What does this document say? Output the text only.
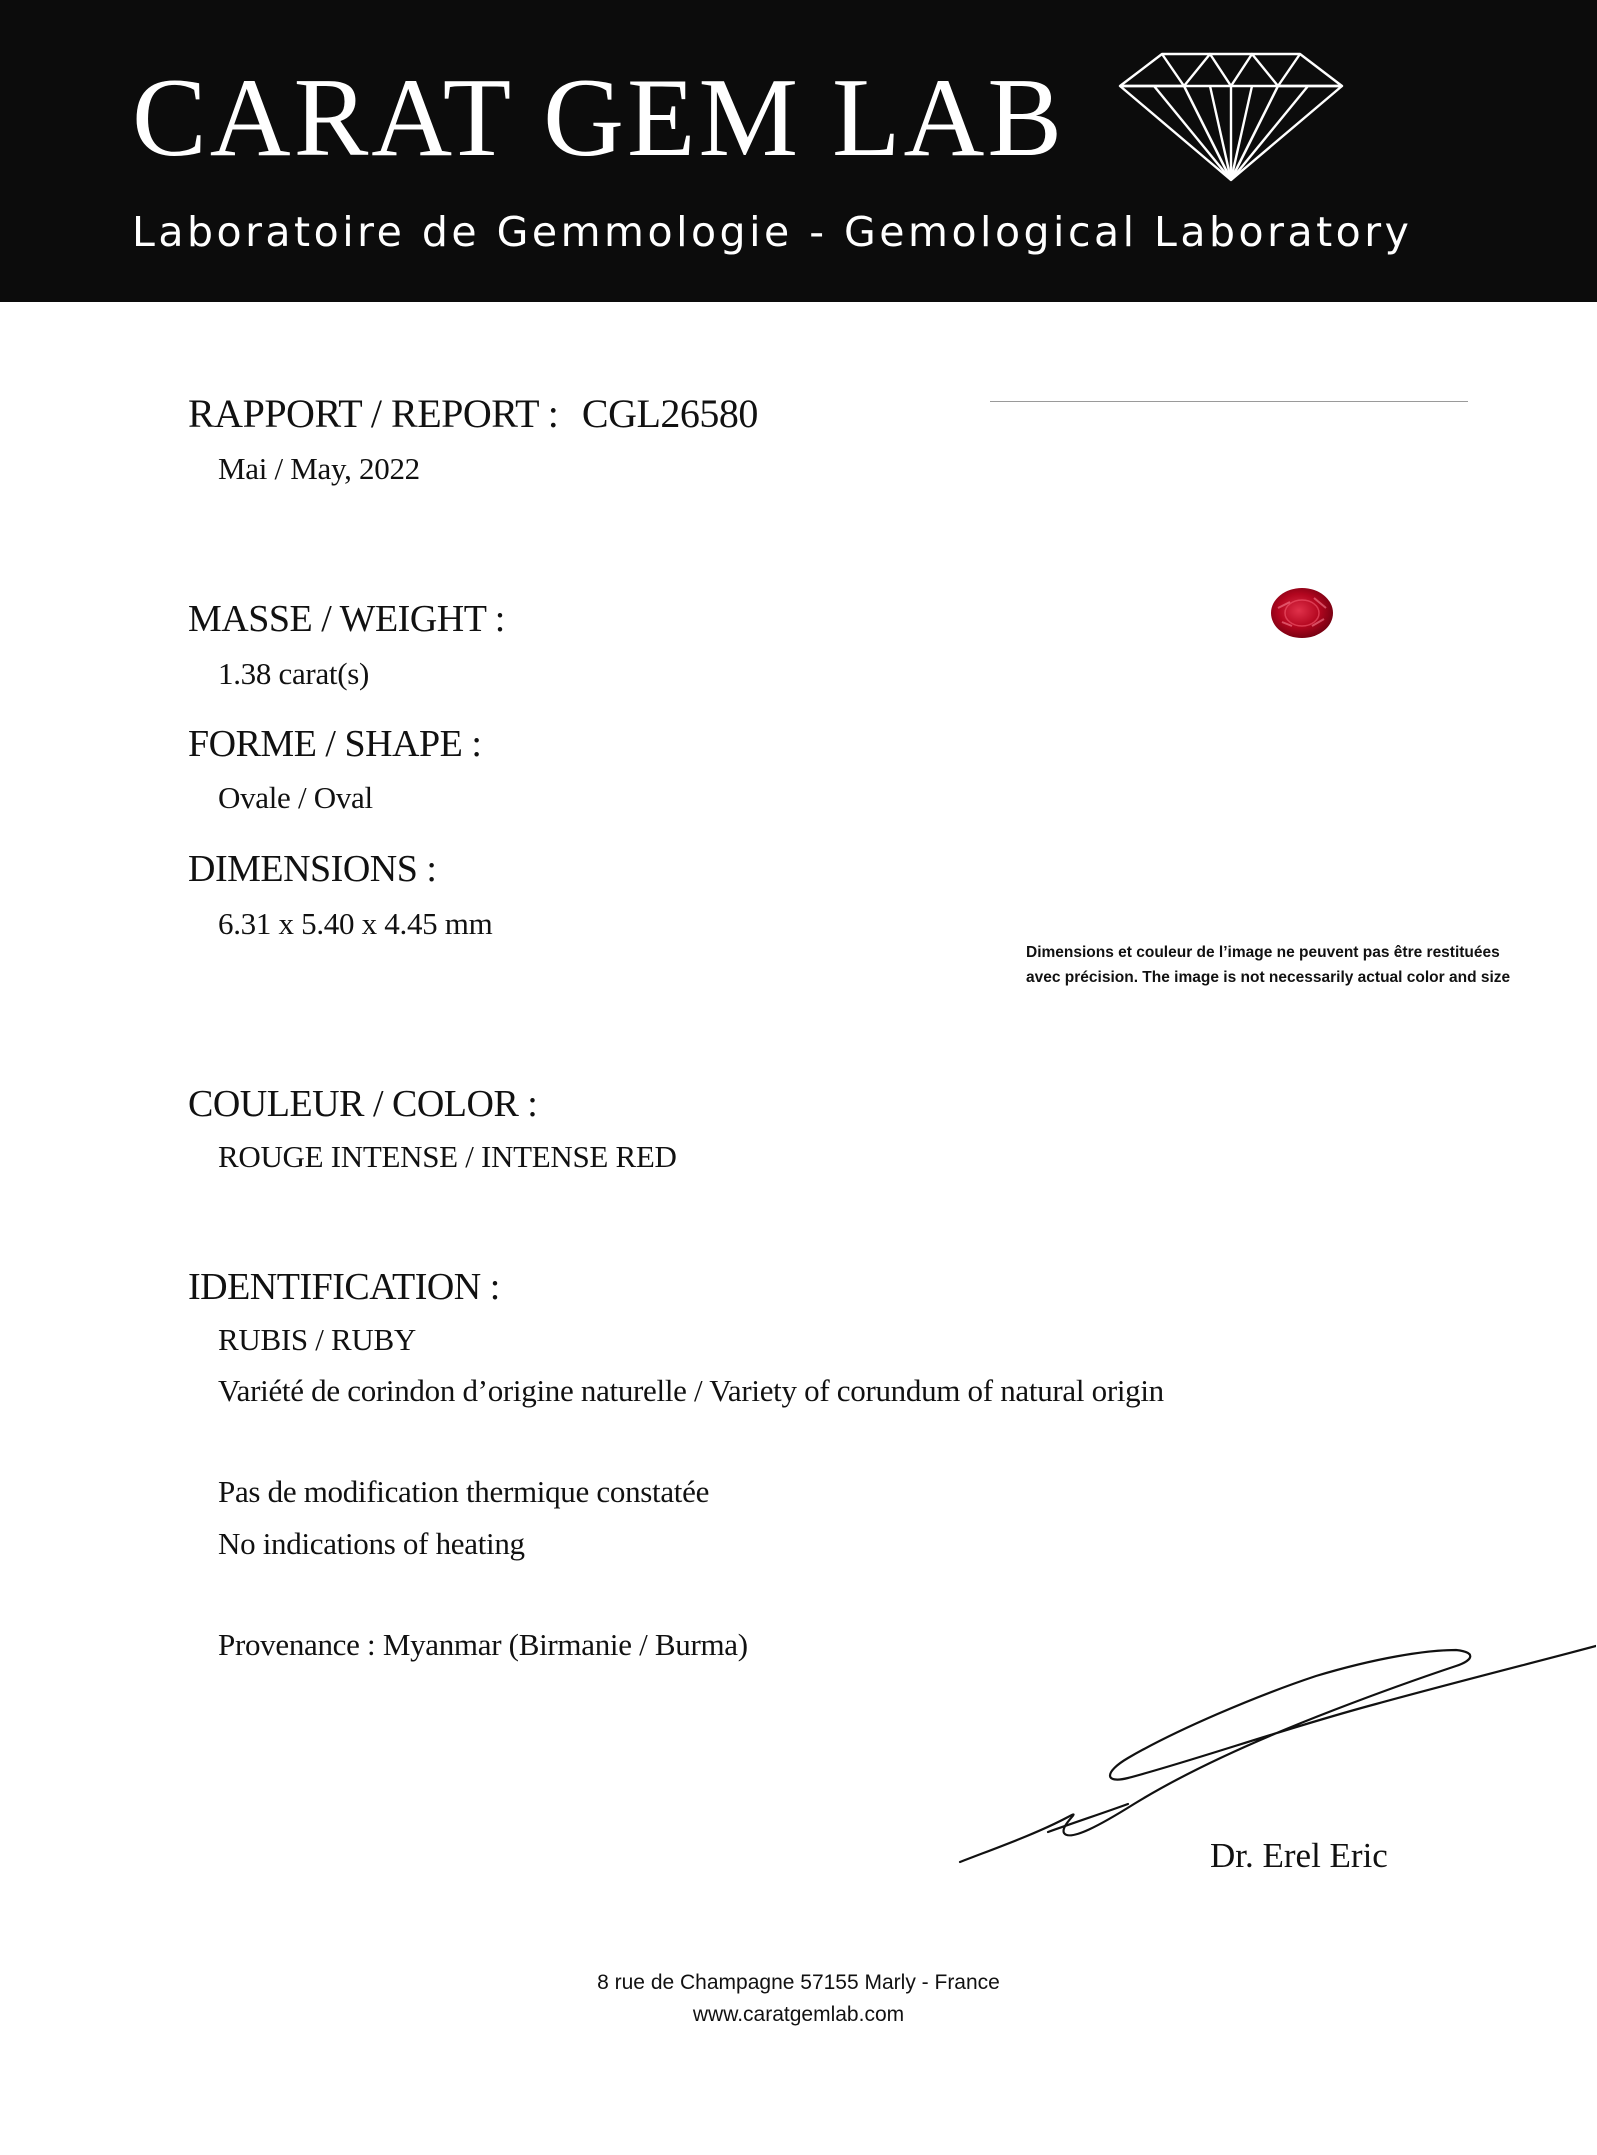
CARAT GEM LAB
Laboratoire de Gemmologie - Gemological Laboratory
RAPPORT / REPORT : CGL26580
Mai / May, 2022
MASSE / WEIGHT :
1.38 carat(s)
FORME / SHAPE :
Ovale / Oval
DIMENSIONS :
6.31 x 5.40 x 4.45 mm
Dimensions et couleur de l’image ne peuvent pas être restituées
avec précision. The image is not necessarily actual color and size
COULEUR / COLOR :
ROUGE INTENSE / INTENSE RED
IDENTIFICATION :
RUBIS / RUBY
Variété de corindon d’origine naturelle / Variety of corundum of natural origin
Pas de modification thermique constatée
No indications of heating
Provenance : Myanmar (Birmanie / Burma)
Dr. Erel Eric
8 rue de Champagne 57155 Marly - France
www.caratgemlab.com
